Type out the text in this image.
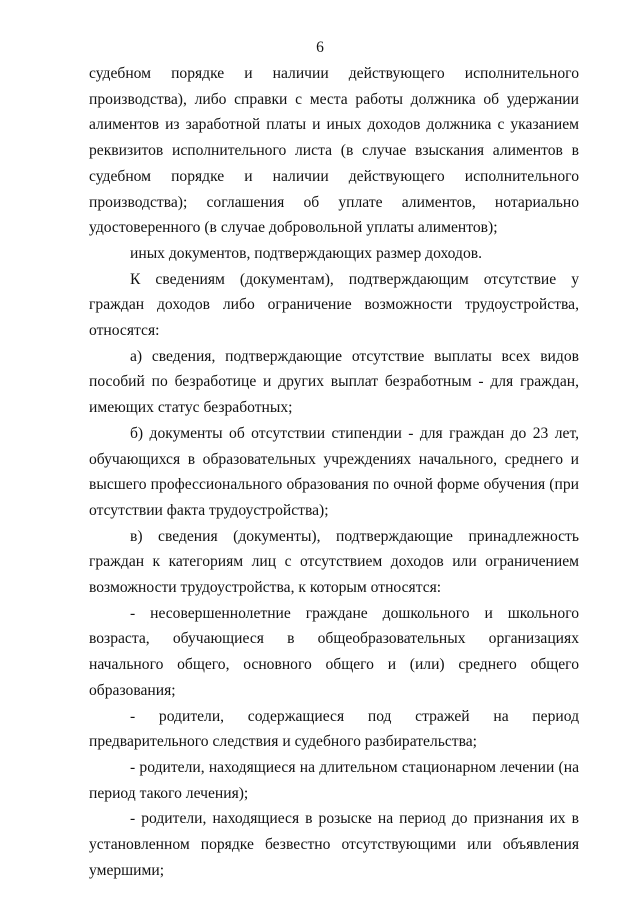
6

судебном порядке и наличии действующего исполнительного производства), либо справки с места работы должника об удержании алиментов из заработной платы и иных доходов должника с указанием реквизитов исполнительного листа (в случае взыскания алиментов в судебном порядке и наличии действующего исполнительного производства); соглашения об уплате алиментов, нотариально удостоверенного (в случае добровольной уплаты алиментов);

иных документов, подтверждающих размер доходов.

К сведениям (документам), подтверждающим отсутствие у граждан доходов либо ограничение возможности трудоустройства, относятся:

а) сведения, подтверждающие отсутствие выплаты всех видов пособий по безработице и других выплат безработным - для граждан, имеющих статус безработных;

б) документы об отсутствии стипендии - для граждан до 23 лет, обучающихся в образовательных учреждениях начального, среднего и высшего профессионального образования по очной форме обучения (при отсутствии факта трудоустройства);

в) сведения (документы), подтверждающие принадлежность граждан к категориям лиц с отсутствием доходов или ограничением возможности трудоустройства, к которым относятся:

- несовершеннолетние граждане дошкольного и школьного возраста, обучающиеся в общеобразовательных организациях начального общего, основного общего и (или) среднего общего образования;

- родители, содержащиеся под стражей на период предварительного следствия и судебного разбирательства;

- родители, находящиеся на длительном стационарном лечении (на период такого лечения);

- родители, находящиеся в розыске на период до признания их в установленном порядке безвестно отсутствующими или объявления умершими;
